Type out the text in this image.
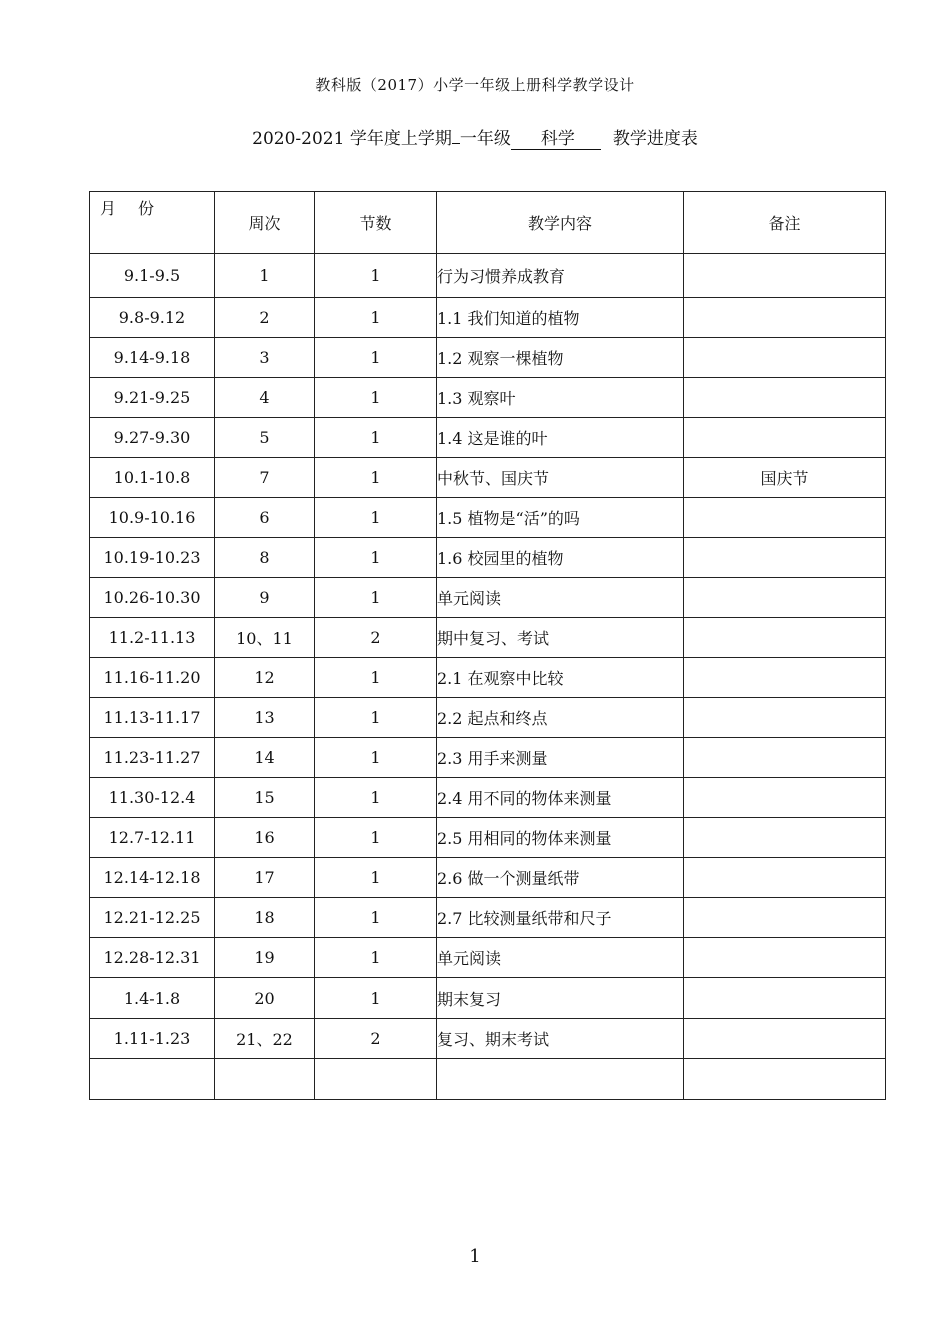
教科版（2017）小学一年级上册科学教学设计
2020-2021 学年度上学期 一年级 科学 教学进度表
月 份	周次	节数	教学内容	备注
9.1-9.5	1	1	行为习惯养成教育	
9.8-9.12	2	1	1.1 我们知道的植物	
9.14-9.18	3	1	1.2 观察一棵植物	
9.21-9.25	4	1	1.3 观察叶	
9.27-9.30	5	1	1.4 这是谁的叶	
10.1-10.8	7	1	中秋节、国庆节	国庆节
10.9-10.16	6	1	1.5 植物是“活”的吗	
10.19-10.23	8	1	1.6 校园里的植物	
10.26-10.30	9	1	单元阅读	
11.2-11.13	10、11	2	期中复习、考试	
11.16-11.20	12	1	2.1 在观察中比较	
11.13-11.17	13	1	2.2 起点和终点	
11.23-11.27	14	1	2.3 用手来测量	
11.30-12.4	15	1	2.4 用不同的物体来测量	
12.7-12.11	16	1	2.5 用相同的物体来测量	
12.14-12.18	17	1	2.6 做一个测量纸带	
12.21-12.25	18	1	2.7 比较测量纸带和尺子	
12.28-12.31	19	1	单元阅读	
1.4-1.8	20	1	期末复习	
1.11-1.23	21、22	2	复习、期末考试	

1
